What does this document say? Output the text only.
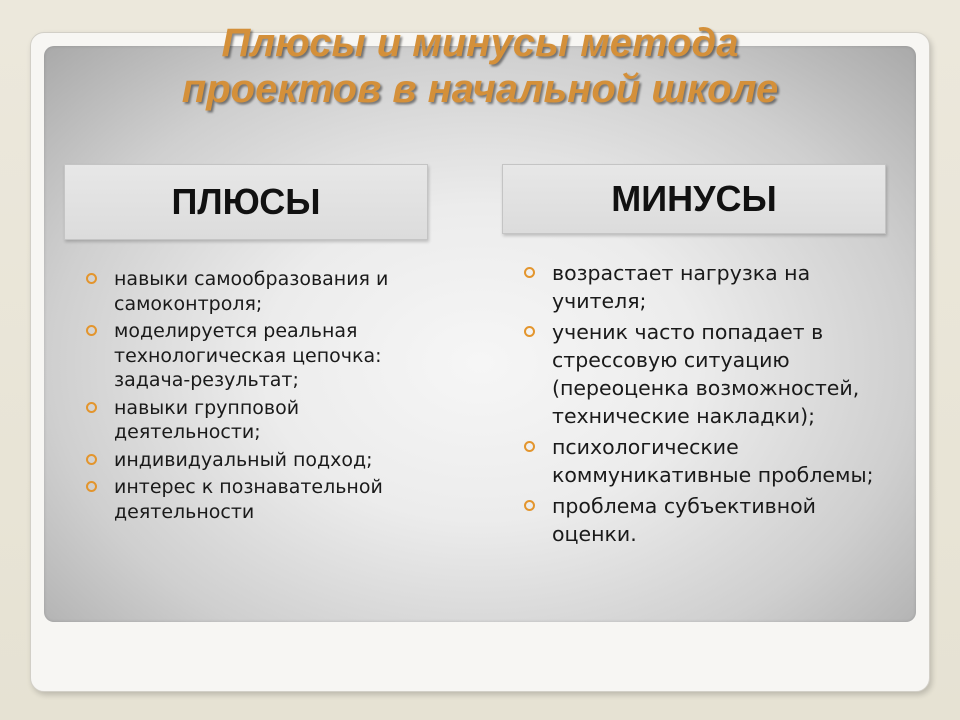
Плюсы и минусы метода
проектов в начальной школе
ПЛЮСЫ	МИНУСЫ
навыки самообразования и самоконтроля;
моделируется реальная технологическая цепочка: задача-результат;
навыки групповой деятельности;
индивидуальный подход;
интерес к познавательной деятельности
возрастает нагрузка на учителя;
ученик часто попадает в стрессовую ситуацию (переоценка возможностей, технические накладки);
психологические коммуникативные проблемы;
проблема субъективной оценки.
